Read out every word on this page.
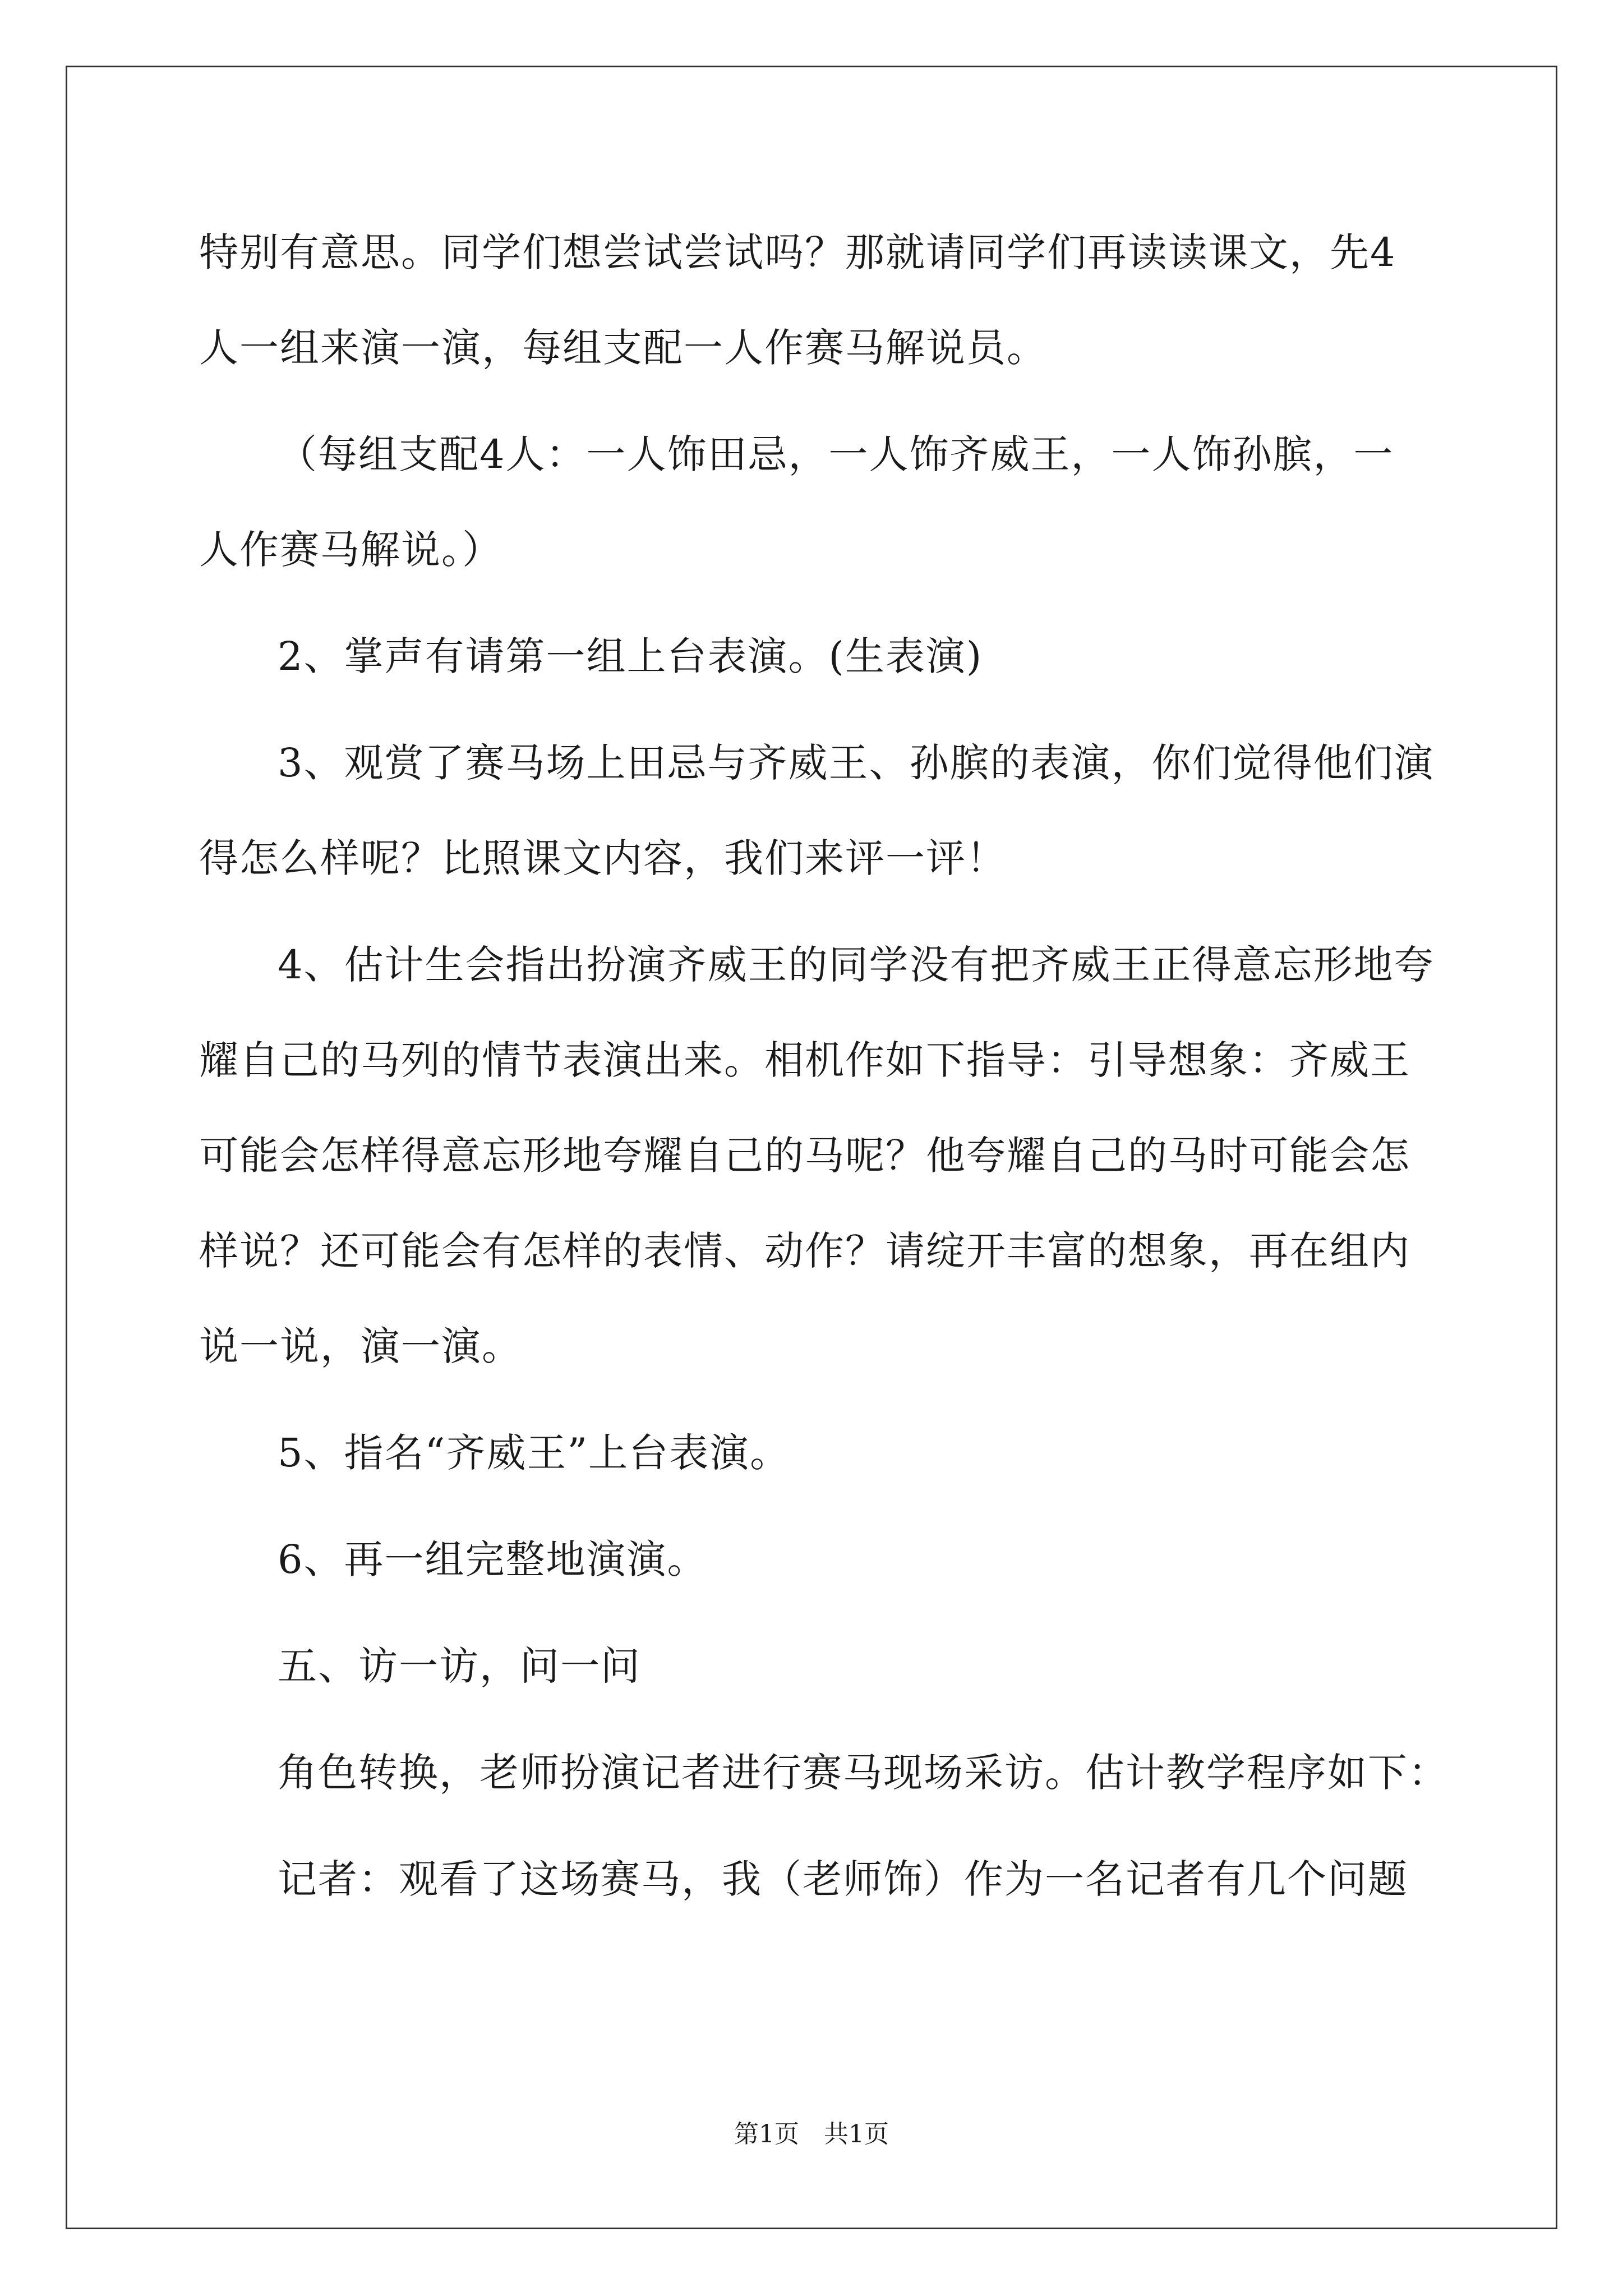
特别有意思。同学们想尝试尝试吗？那就请同学们再读读课文，先4
人一组来演一演，每组支配一人作赛马解说员。
（每组支配4人：一人饰田忌，一人饰齐威王，一人饰孙膑，一
人作赛马解说。）
2、掌声有请第一组上台表演。(生表演)
3、观赏了赛马场上田忌与齐威王、孙膑的表演，你们觉得他们演
得怎么样呢？比照课文内容，我们来评一评！
4、估计生会指出扮演齐威王的同学没有把齐威王正得意忘形地夸
耀自己的马列的情节表演出来。相机作如下指导：引导想象：齐威王
可能会怎样得意忘形地夸耀自己的马呢？他夸耀自己的马时可能会怎
样说？还可能会有怎样的表情、动作？请绽开丰富的想象，再在组内
说一说，演一演。
5、指名“齐威王”上台表演。
6、再一组完整地演演。
五、访一访，问一问
角色转换，老师扮演记者进行赛马现场采访。估计教学程序如下：
记者：观看了这场赛马，我（老师饰）作为一名记者有几个问题
第1页　共1页
